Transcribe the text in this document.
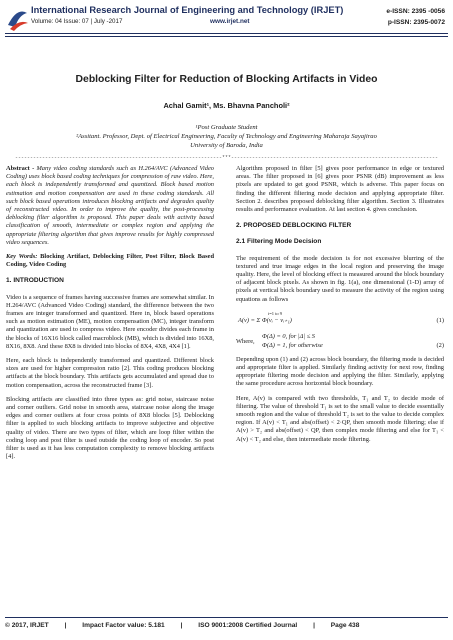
International Research Journal of Engineering and Technology (IRJET)
Volume: 04 Issue: 07 | July -2017	www.irjet.net
e-ISSN: 2395 -0056
p-ISSN: 2395-0072
Deblocking Filter for Reduction of Blocking Artifacts in Video
Achal Gamit¹, Ms. Bhavna Pancholi²
¹Post Graduate Student
²Assitant. Professor, Dept. of Electrical Engineering, Faculty of Technology and Engineering Maharaja Sayajirao
University of Baroda, India
---------------------------------------------------------------------***---------------------------------------------------------------------

Abstract - Many video coding standards such as H.264/AVC (Advanced Video Coding) uses block based coding techniques for compression of raw video. Here, each block is independently transformed and quantized. Block based motion estimation and motion compensation are used in these coding standards. All such block based operations introduces blocking artifacts and degrades quality of reconstructed video. In order to improve the quality, the post-processing deblocking filter algorithm is proposed. This paper deals with activity based classification of smooth, intermediate or complex region and applying the appropriate filtering algorithm that gives improve results for highly compressed video sequences.

Key Words: Blocking Artifact, Deblocking Filter, Post Filter, Block Based Coding, Video Coding

1. INTRODUCTION

Video is a sequence of frames having successive frames are somewhat similar. In H.264/AVC (Advanced Video Coding) standard, the difference between the two frames are integer transformed and quantized. Here in, block based operations such as motion estimation (ME), motion compensation (MC), integer transform and quantization are used to compress video. Here encoder divides each frame in the blocks of 16X16 block called macroblock (MB), which is divided into 16X8, 8X16, 8X8. And these 8X8 is divided into blocks of 8X4, 4X8, 4X4 [1].

Here, each block is independently transformed and quantized. Different block sizes are used for higher compression ratio [2]. This coding produces blocking artifacts at the block boundary. This artifacts gets accumulated and spread due to motion compensation, across the reconstructed frame [3].

Blocking artifacts are classified into three types as: grid noise, staircase noise and corner outliers. Grid noise in smooth area, staircase noise along the image edges and corner outliers at four cross points of 8X8 blocks [5]. Deblocking filter is applied to such blocking artifacts to improve subjective and objective quality of video. There are two types of filter, which are loop filter within the coding loop and post filter is used outside the coding loop of encoder. So post filter is used as it has less computation complexity to remove blocking artifacts [4].

Algorithm proposed in filter [5] gives poor performance in edge or textured areas. The filter proposed in [6] gives poor PSNR (dB) improvement as less pixels are updated to get good PSNR, which is adverse. This paper focus on finding the different filtering mode decision and applying appropriate filter. Section 2. describes proposed deblocking filter algorithm. Section 3. Illustrates results and performance evaluation. At last section 4. gives conclusion.

2. PROPOSED DEBLOCKING FILTER
2.1 Filtering Mode Decision

The requirement of the mode decision is for not excessive blurring of the textured and true image edges in the local region and preserving the image quality. Here, the level of blocking effect is measured around the block boundary of adjacent block pixels. As shown in fig. 1(a), one dimensional (1-D) array of pixels at vertical block boundary used to measure the activity of the region using equations as follows

A(v) = Σ Φ(vᵢ − vᵢ₊₁)
i=1 to 9
(1)
Where,
Φ(Δ) = 0, for |Δ| ≤ S
Φ(Δ) = 1, for otherwise	(2)

Depending upon (1) and (2) across block boundary, the filtering mode is decided and appropriate filter is applied. Similarly finding activity for next row, finding appropriate filtering mode decision and applying the filter. Similarly, applying the same procedure across horizontal block boundary.

Here, A(v) is compared with two thresholds, T₁ and T₂ to decide mode of filtering. The value of threshold T₁ is set to the small value to decide essentially smooth region and the value of threshold T₂ is set to the value to decide complex region. If A(v) < T₁ and abs(offset) < 2·QP, then smooth mode filtering; else if A(v) > T₂ and abs(offset) < QP, then complex mode filtering and else for T₁ < A(v) < T₂ and else, then intermediate mode filtering.

© 2017, IRJET | Impact Factor value: 5.181 | ISO 9001:2008 Certified Journal | Page 438
